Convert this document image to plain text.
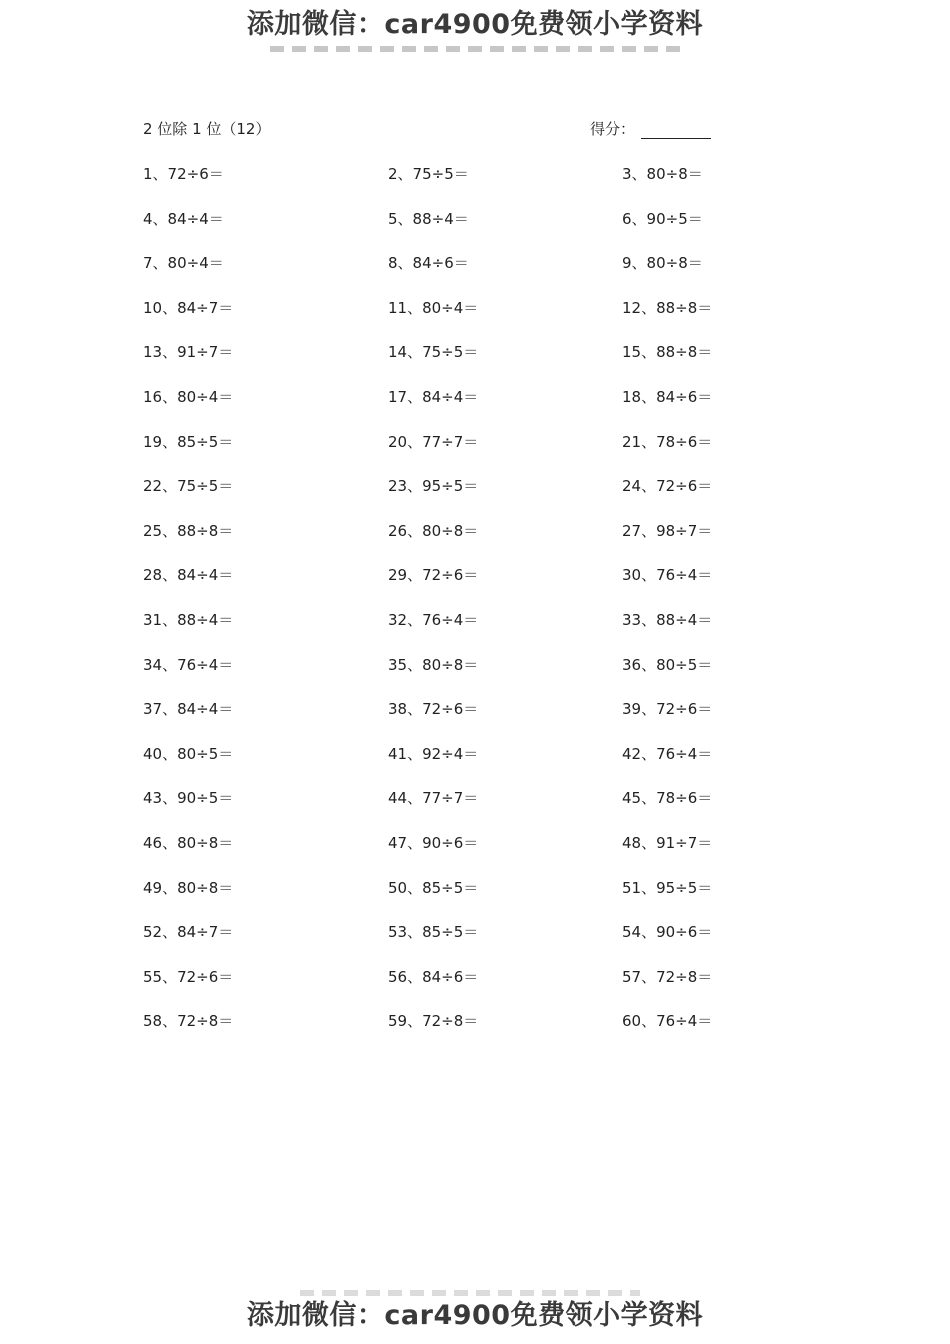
添加微信：car4900免费领小学资料
2 位除 1 位（12）	得分：
1、72÷6＝	2、75÷5＝	3、80÷8＝
4、84÷4＝	5、88÷4＝	6、90÷5＝
7、80÷4＝	8、84÷6＝	9、80÷8＝
10、84÷7＝	11、80÷4＝	12、88÷8＝
13、91÷7＝	14、75÷5＝	15、88÷8＝
16、80÷4＝	17、84÷4＝	18、84÷6＝
19、85÷5＝	20、77÷7＝	21、78÷6＝
22、75÷5＝	23、95÷5＝	24、72÷6＝
25、88÷8＝	26、80÷8＝	27、98÷7＝
28、84÷4＝	29、72÷6＝	30、76÷4＝
31、88÷4＝	32、76÷4＝	33、88÷4＝
34、76÷4＝	35、80÷8＝	36、80÷5＝
37、84÷4＝	38、72÷6＝	39、72÷6＝
40、80÷5＝	41、92÷4＝	42、76÷4＝
43、90÷5＝	44、77÷7＝	45、78÷6＝
46、80÷8＝	47、90÷6＝	48、91÷7＝
49、80÷8＝	50、85÷5＝	51、95÷5＝
52、84÷7＝	53、85÷5＝	54、90÷6＝
55、72÷6＝	56、84÷6＝	57、72÷8＝
58、72÷8＝	59、72÷8＝	60、76÷4＝
添加微信：car4900免费领小学资料
